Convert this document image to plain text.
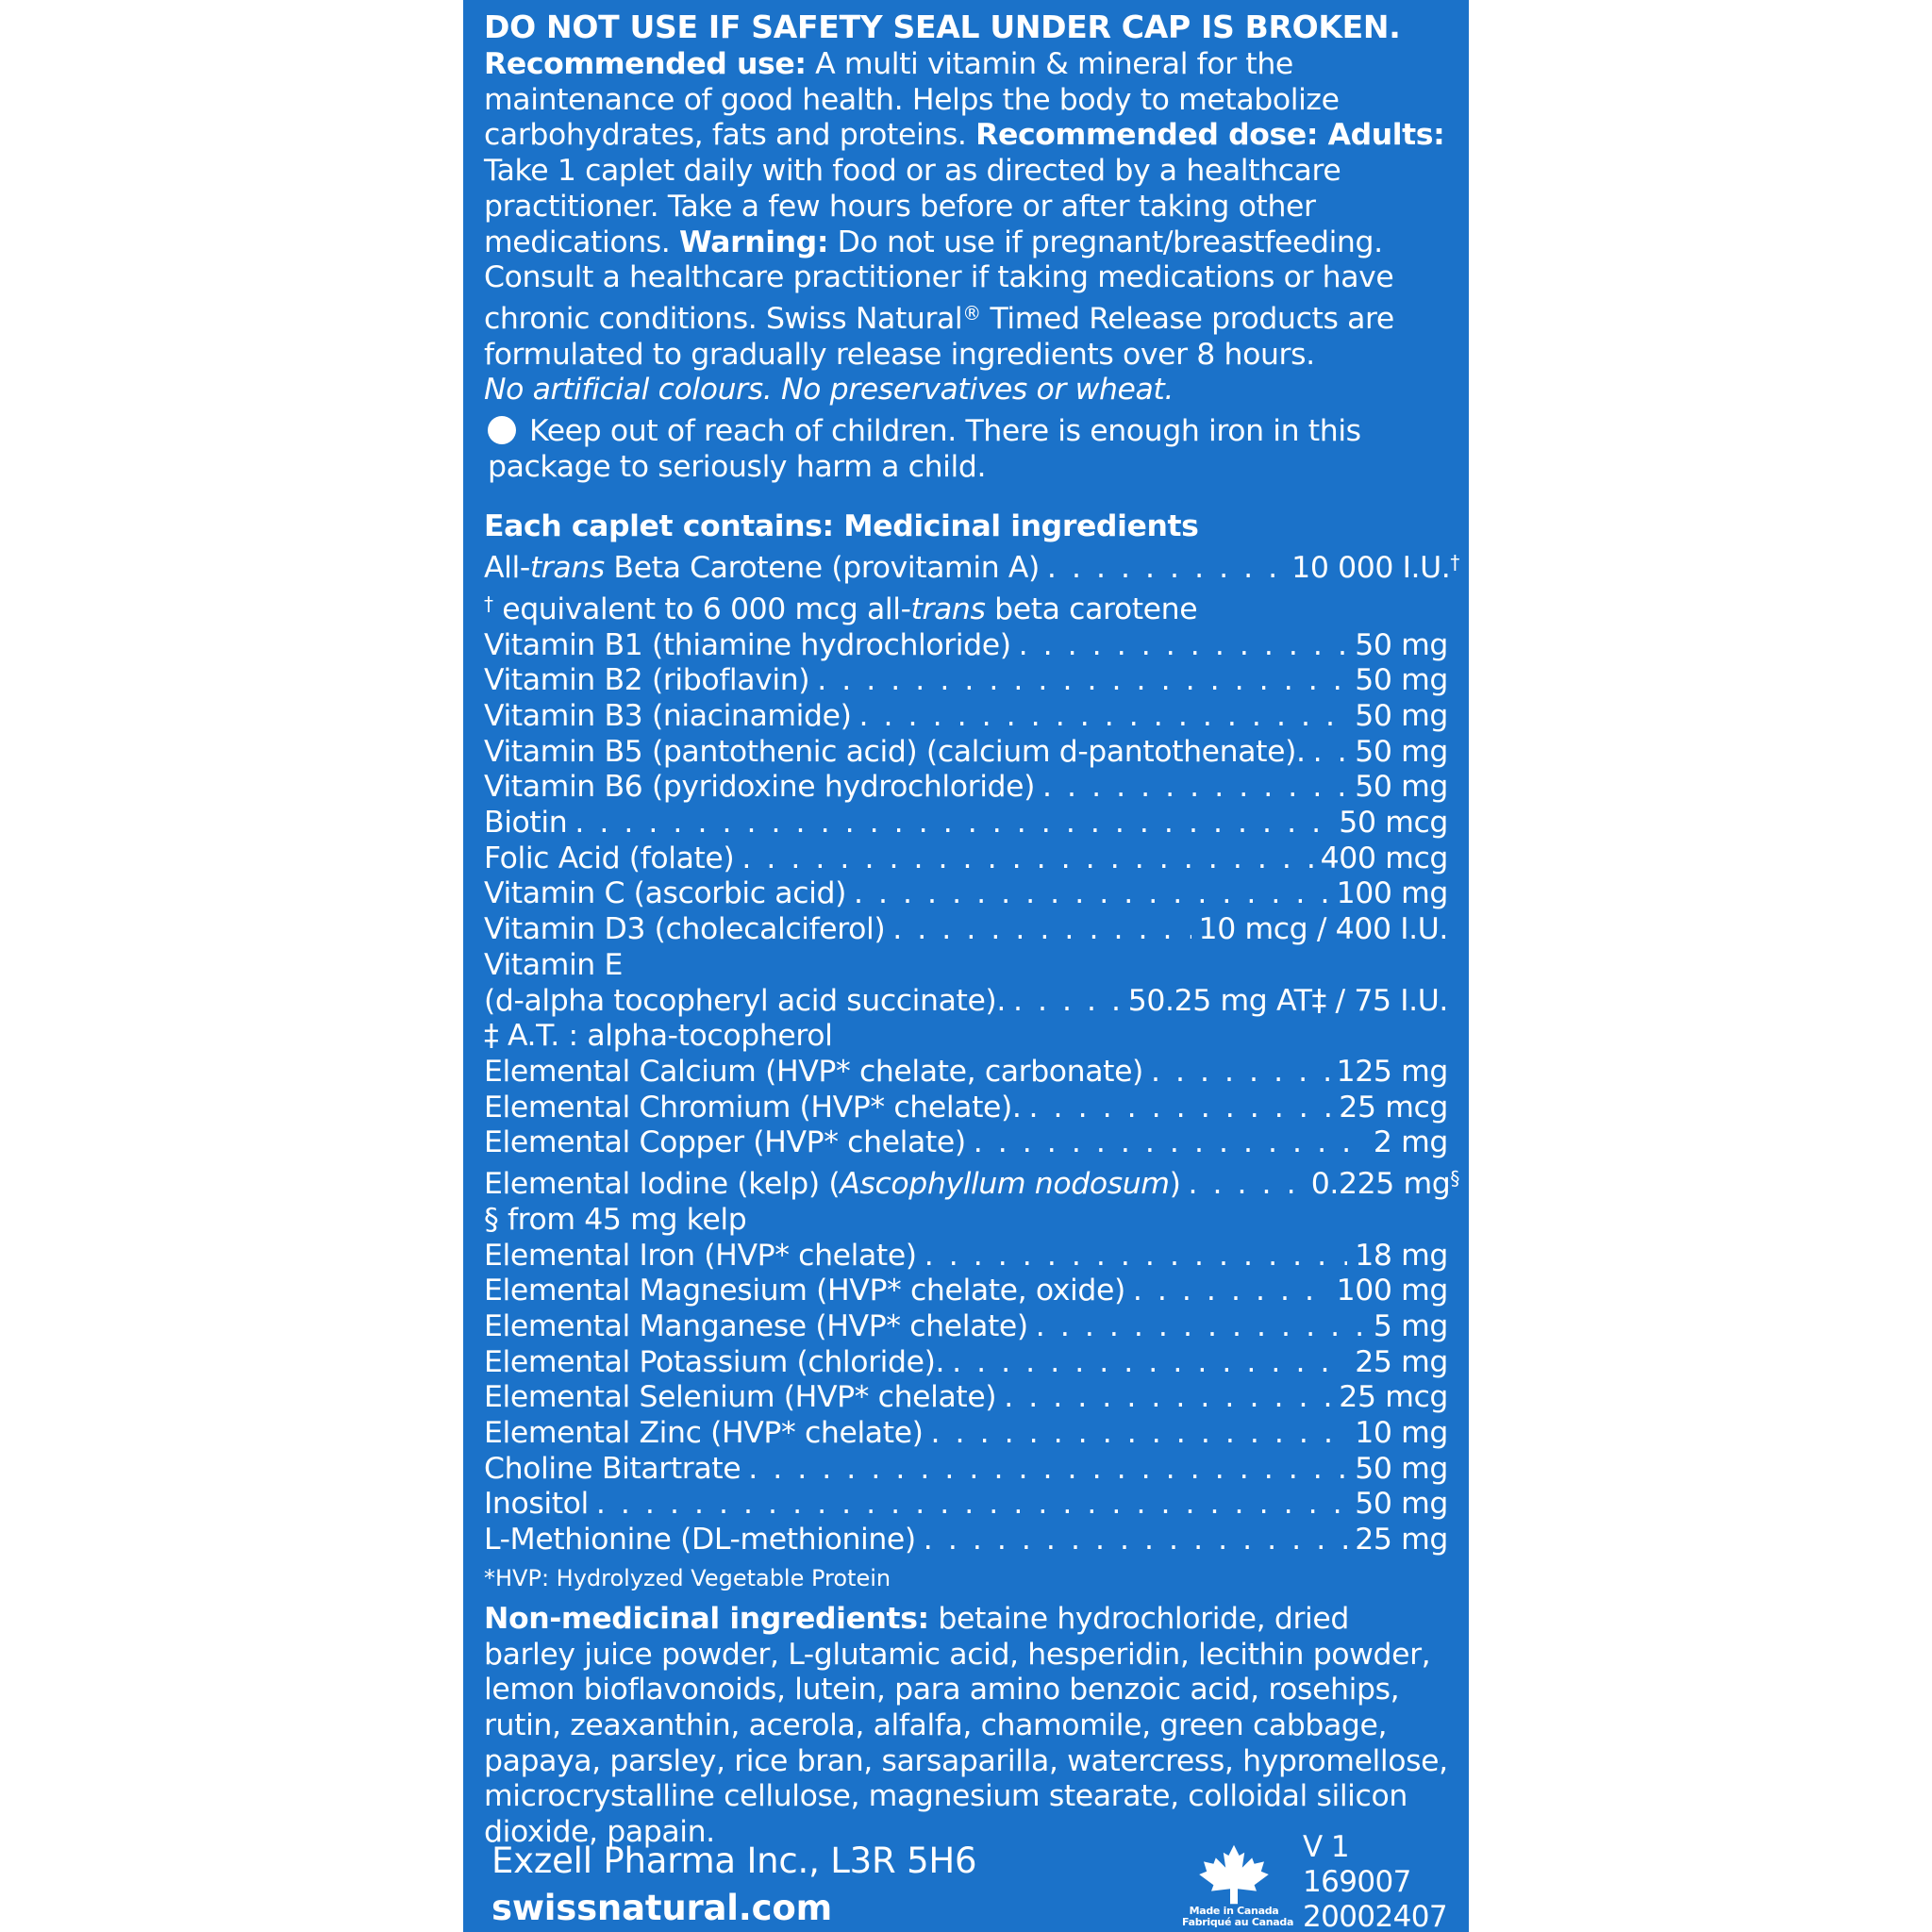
DO NOT USE IF SAFETY SEAL UNDER CAP IS BROKEN.

Recommended use: A multi vitamin & mineral for the maintenance of good health. Helps the body to metabolize carbohydrates, fats and proteins. Recommended dose: Adults: Take 1 caplet daily with food or as directed by a healthcare practitioner. Take a few hours before or after taking other medications. Warning: Do not use if pregnant/breastfeeding. Consult a healthcare practitioner if taking medications or have chronic conditions. Swiss Natural® Timed Release products are formulated to gradually release ingredients over 8 hours.

No artificial colours. No preservatives or wheat.
Keep out of reach of children. There is enough iron in this
package to seriously harm a child.
Each caplet contains: Medicinal ingredients
All-trans Beta Carotene (provitamin A) . . .	10 000 I.U.†
† equivalent to 6 000 mcg all-trans beta carotene
Vitamin B1 (thiamine hydrochloride) . . .	50 mg
Vitamin B2 (riboflavin) . . .	50 mg
Vitamin B3 (niacinamide) . . .	50 mg
Vitamin B5 (pantothenic acid) (calcium d-pantothenate). . . . 50 mg
Vitamin B6 (pyridoxine hydrochloride) . . .	50 mg
Biotin . . .	50 mcg
Folic Acid (folate) . . .	400 mcg
Vitamin C (ascorbic acid) . . .	100 mg
Vitamin D3 (cholecalciferol) . . .	10 mcg / 400 I.U.
Vitamin E
(d-alpha tocopheryl acid succinate). . . .	50.25 mg AT‡ / 75 I.U.
‡ A.T. : alpha-tocopherol
Elemental Calcium (HVP* chelate, carbonate) . . .	125 mg
Elemental Chromium (HVP* chelate). . . .	25 mcg
Elemental Copper (HVP* chelate) . . .	2 mg
Elemental Iodine (kelp) (Ascophyllum nodosum) . . .	0.225 mg§
§ from 45 mg kelp
Elemental Iron (HVP* chelate) . . .	18 mg
Elemental Magnesium (HVP* chelate, oxide) . . .	100 mg
Elemental Manganese (HVP* chelate) . . .	5 mg
Elemental Potassium (chloride). . . .	25 mg
Elemental Selenium (HVP* chelate) . . .	25 mcg
Elemental Zinc (HVP* chelate) . . .	10 mg
Choline Bitartrate . . .	50 mg
Inositol . . .	50 mg
L-Methionine (DL-methionine) . . .	25 mg
*HVP: Hydrolyzed Vegetable Protein

Non-medicinal ingredients: betaine hydrochloride, dried barley juice powder, L-glutamic acid, hesperidin, lecithin powder, lemon bioflavonoids, lutein, para amino benzoic acid, rosehips, rutin, zeaxanthin, acerola, alfalfa, chamomile, green cabbage, papaya, parsley, rice bran, sarsaparilla, watercress, hypromellose, microcrystalline cellulose, magnesium stearate, colloidal silicon dioxide, papain.

Exzell Pharma Inc., L3R 5H6
swissnatural.com	Made in Canada
Fabriqué au Canada
V 1
169007
20002407
